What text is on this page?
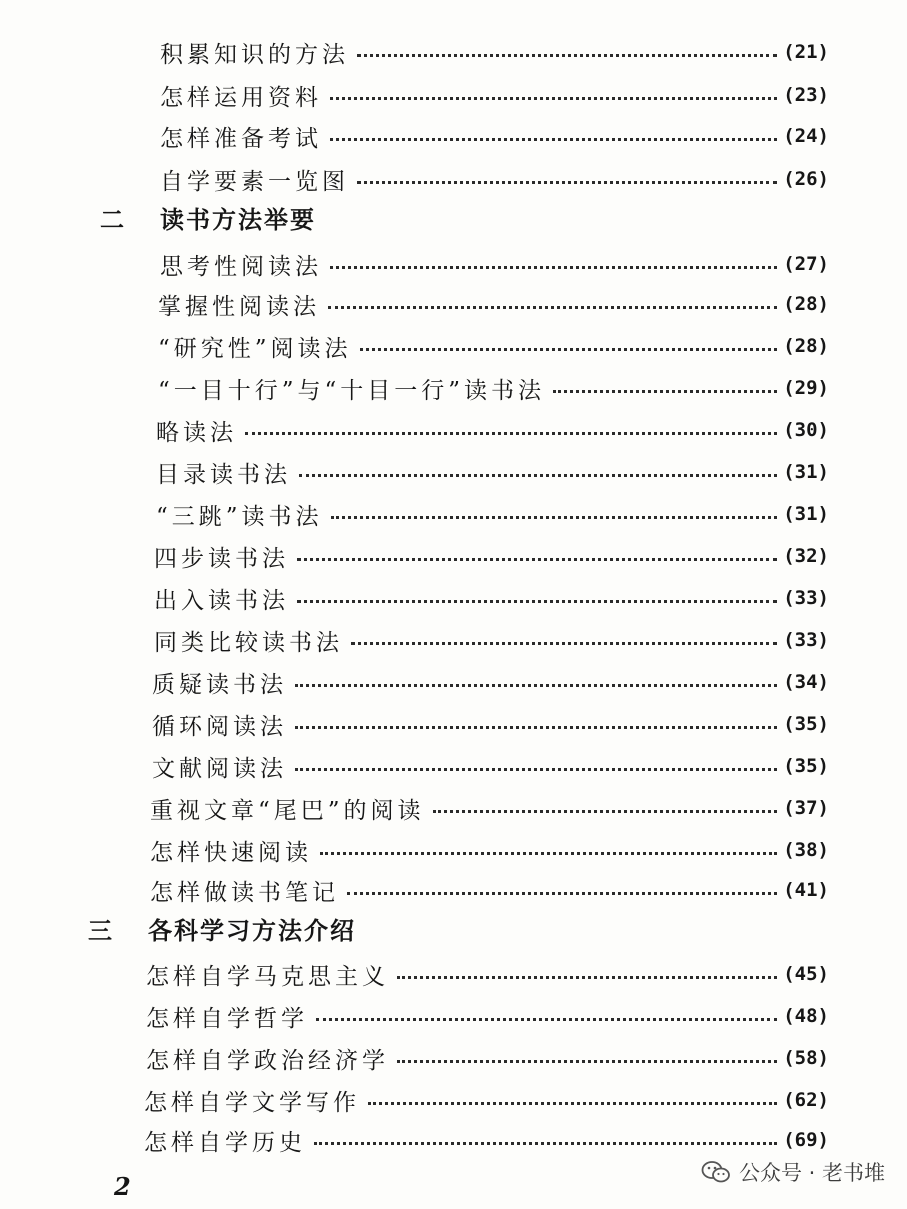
积累知识的方法	(21)
怎样运用资料	(23)
怎样准备考试	(24)
自学要素一览图	(26)
二	读书方法举要
思考性阅读法	(27)
掌握性阅读法	(28)
“研究性”阅读法	(28)
“一目十行”与“十目一行”读书法	(29)
略读法	(30)
目录读书法	(31)
“三跳”读书法	(31)
四步读书法	(32)
出入读书法	(33)
同类比较读书法	(33)
质疑读书法	(34)
循环阅读法	(35)
文献阅读法	(35)
重视文章“尾巴”的阅读	(37)
怎样快速阅读	(38)
怎样做读书笔记	(41)
三	各科学习方法介绍
怎样自学马克思主义	(45)
怎样自学哲学	(48)
怎样自学政治经济学	(58)
怎样自学文学写作	(62)
怎样自学历史	(69)
2	公众号 · 老书堆
